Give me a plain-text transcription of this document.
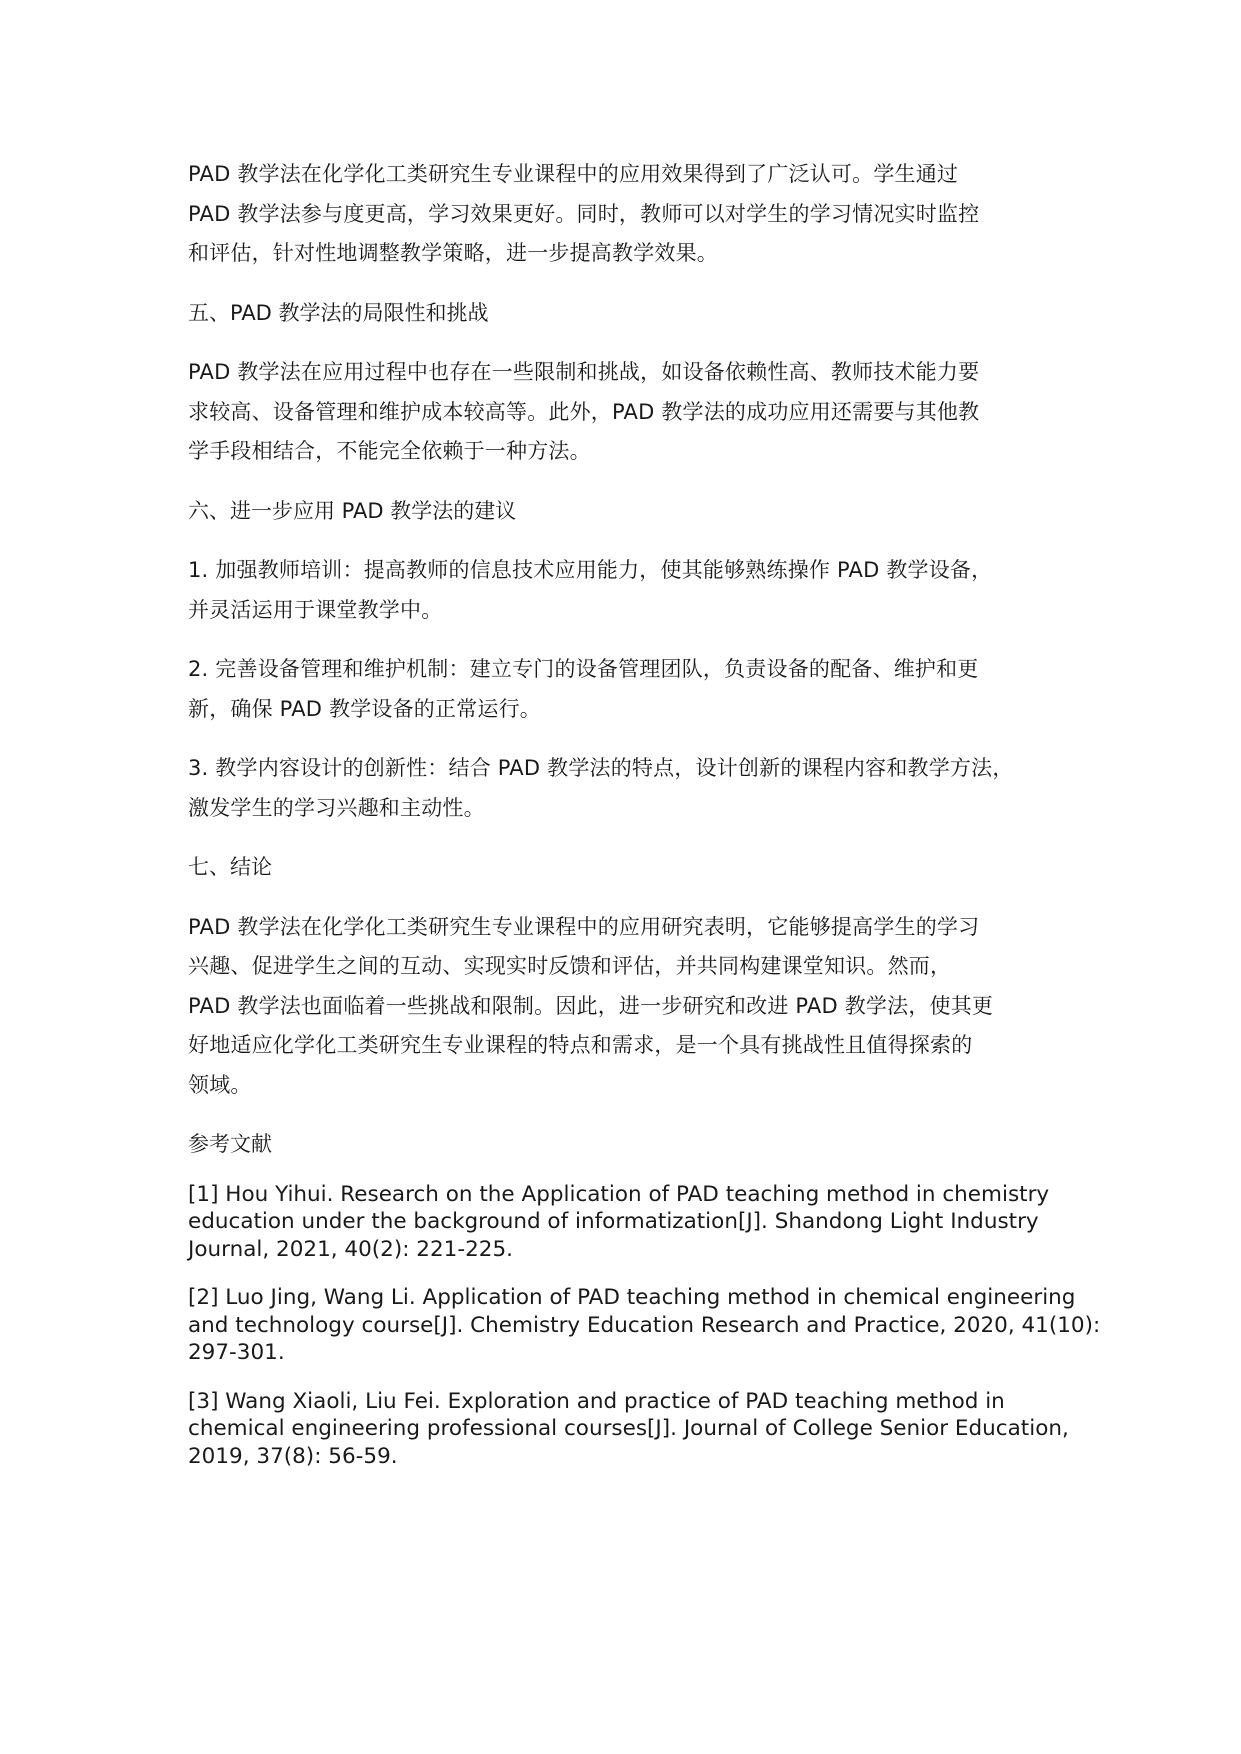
PAD 教学法在化学化工类研究生专业课程中的应用效果得到了广泛认可。学生通过
PAD 教学法参与度更高，学习效果更好。同时，教师可以对学生的学习情况实时监控
和评估，针对性地调整教学策略，进一步提高教学效果。

五、PAD 教学法的局限性和挑战

PAD 教学法在应用过程中也存在一些限制和挑战，如设备依赖性高、教师技术能力要
求较高、设备管理和维护成本较高等。此外，PAD 教学法的成功应用还需要与其他教
学手段相结合，不能完全依赖于一种方法。

六、进一步应用 PAD 教学法的建议

1. 加强教师培训：提高教师的信息技术应用能力，使其能够熟练操作 PAD 教学设备，
并灵活运用于课堂教学中。

2. 完善设备管理和维护机制：建立专门的设备管理团队，负责设备的配备、维护和更
新，确保 PAD 教学设备的正常运行。

3. 教学内容设计的创新性：结合 PAD 教学法的特点，设计创新的课程内容和教学方法，
激发学生的学习兴趣和主动性。

七、结论

PAD 教学法在化学化工类研究生专业课程中的应用研究表明，它能够提高学生的学习
兴趣、促进学生之间的互动、实现实时反馈和评估，并共同构建课堂知识。然而，
PAD 教学法也面临着一些挑战和限制。因此，进一步研究和改进 PAD 教学法，使其更
好地适应化学化工类研究生专业课程的特点和需求，是一个具有挑战性且值得探索的
领域。

参考文献

[1] Hou Yihui. Research on the Application of PAD teaching method in chemistry
education under the background of informatization[J]. Shandong Light Industry
Journal, 2021, 40(2): 221-225.

[2] Luo Jing, Wang Li. Application of PAD teaching method in chemical engineering
and technology course[J]. Chemistry Education Research and Practice, 2020, 41(10):
297-301.

[3] Wang Xiaoli, Liu Fei. Exploration and practice of PAD teaching method in
chemical engineering professional courses[J]. Journal of College Senior Education,
2019, 37(8): 56-59.
